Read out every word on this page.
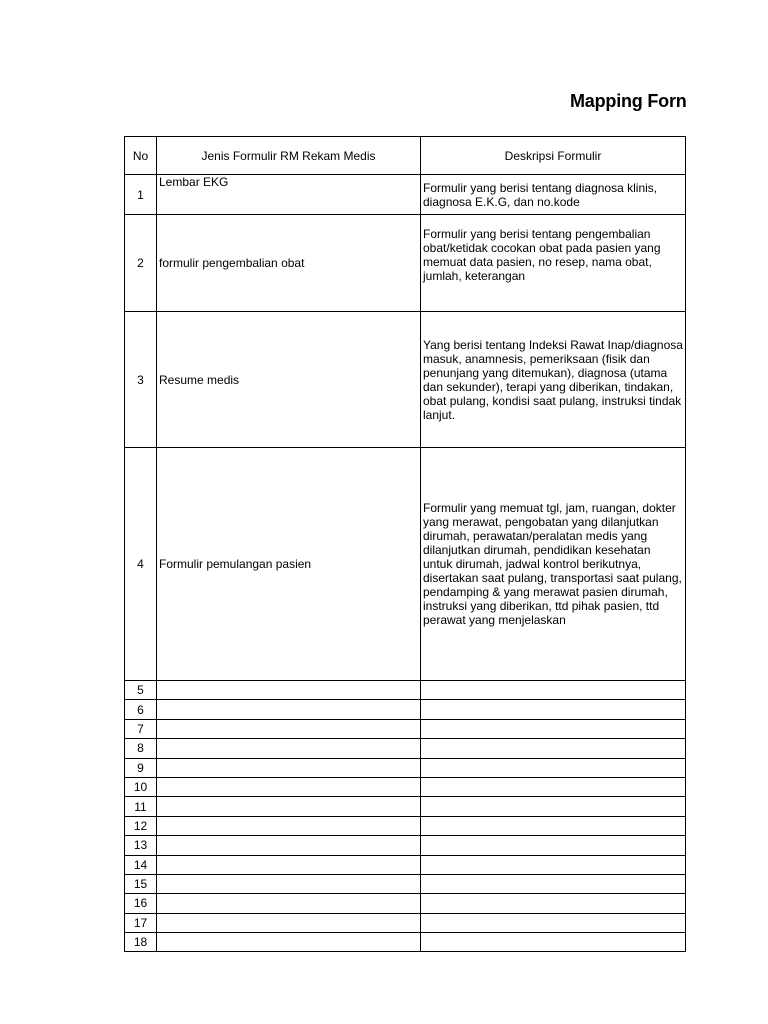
Mapping Forn
No	Jenis Formulir RM Rekam Medis	Deskripsi Formulir
1	Lembar EKG	Formulir yang berisi tentang diagnosa klinis, diagnosa E.K.G, dan no.kode

2	formulir pengembalian obat	Formulir yang berisi tentang pengembalian obat/ketidak cocokan obat pada pasien yang memuat data pasien, no resep, nama obat, jumlah, keterangan

3	Resume medis	Yang berisi tentang Indeksi Rawat Inap/diagnosa masuk, anamnesis, pemeriksaan (fisik dan penunjang yang ditemukan), diagnosa (utama dan sekunder), terapi yang diberikan, tindakan, obat pulang, kondisi saat pulang, instruksi tindak lanjut.

4	Formulir pemulangan pasien	Formulir yang memuat tgl, jam, ruangan, dokter yang merawat, pengobatan yang dilanjutkan dirumah, perawatan/peralatan medis yang dilanjutkan dirumah, pendidikan kesehatan untuk dirumah, jadwal kontrol berikutnya, disertakan saat pulang, transportasi saat pulang, pendamping & yang merawat pasien dirumah, instruksi yang diberikan, ttd pihak pasien, ttd perawat yang menjelaskan

5		
6		
7		
8		
9		
10		
11		
12		
13		
14		
15		
16		
17		
18		
